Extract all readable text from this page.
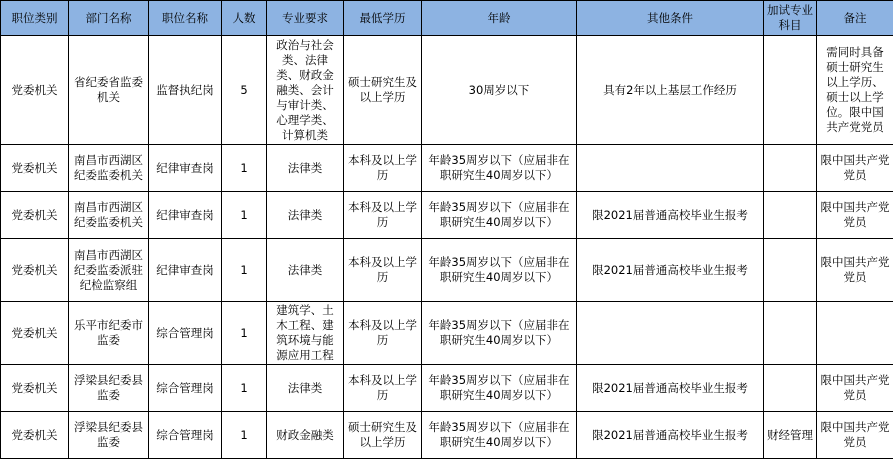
职位类别	部门名称	职位名称	人数	专业要求	最低学历	年龄	其他条件	加试专业科目	备注
党委机关	省纪委省监委机关	监督执纪岗	5	政治与社会类、法律类、财政金融类、会计与审计类、心理学类、计算机类	硕士研究生及以上学历	30周岁以下	具有2年以上基层工作经历		需同时具备硕士研究生以上学历、硕士以上学位。限中国共产党党员
党委机关	南昌市西湖区纪委监委机关	纪律审查岗	1	法律类	本科及以上学历	年龄35周岁以下（应届非在职研究生40周岁以下）			限中国共产党党员
党委机关	南昌市西湖区纪委监委机关	纪律审查岗	1	法律类	本科及以上学历	年龄35周岁以下（应届非在职研究生40周岁以下）	限2021届普通高校毕业生报考		限中国共产党党员
党委机关	南昌市西湖区纪委监委派驻纪检监察组	纪律审查岗	1	法律类	本科及以上学历	年龄35周岁以下（应届非在职研究生40周岁以下）	限2021届普通高校毕业生报考		限中国共产党党员
党委机关	乐平市纪委市监委	综合管理岗	1	建筑学、土木工程、建筑环境与能源应用工程	本科及以上学历	年龄35周岁以下（应届非在职研究生40周岁以下）			
党委机关	浮梁县纪委县监委	综合管理岗	1	法律类	本科及以上学历	年龄35周岁以下（应届非在职研究生40周岁以下）	限2021届普通高校毕业生报考		限中国共产党党员
党委机关	浮梁县纪委县监委	综合管理岗	1	财政金融类	硕士研究生及以上学历	年龄35周岁以下（应届非在职研究生40周岁以下）	限2021届普通高校毕业生报考	财经管理	限中国共产党党员
